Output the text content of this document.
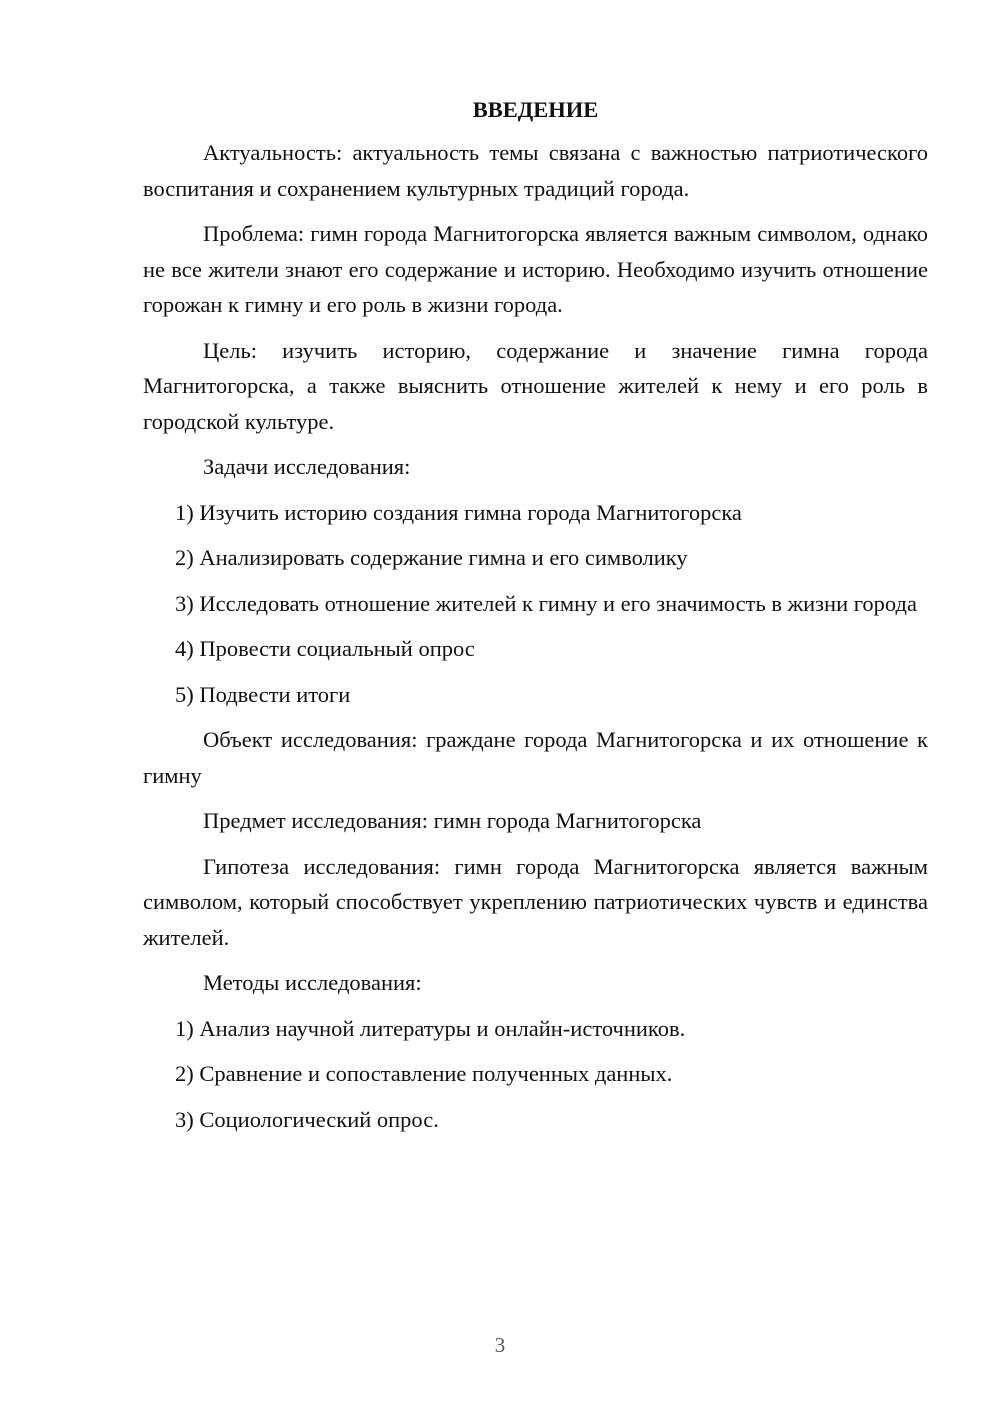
ВВЕДЕНИЕ

Актуальность: актуальность темы связана с важностью патриотического воспитания и сохранением культурных традиций города.

Проблема: гимн города Магнитогорска является важным символом, однако не все жители знают его содержание и историю. Необходимо изучить отношение горожан к гимну и его роль в жизни города.

Цель: изучить историю, содержание и значение гимна города Магнитогорска, а также выяснить отношение жителей к нему и его роль в городской культуре.

Задачи исследования:

1) Изучить историю создания гимна города Магнитогорска

2) Анализировать содержание гимна и его символику

3) Исследовать отношение жителей к гимну и его значимость в жизни города

4) Провести социальный опрос

5) Подвести итоги

Объект исследования: граждане города Магнитогорска и их отношение к гимну

Предмет исследования: гимн города Магнитогорска

Гипотеза исследования: гимн города Магнитогорска является важным символом, который способствует укреплению патриотических чувств и единства жителей.

Методы исследования:

1) Анализ научной литературы и онлайн-источников.

2) Сравнение и сопоставление полученных данных.

3) Социологический опрос.

3
